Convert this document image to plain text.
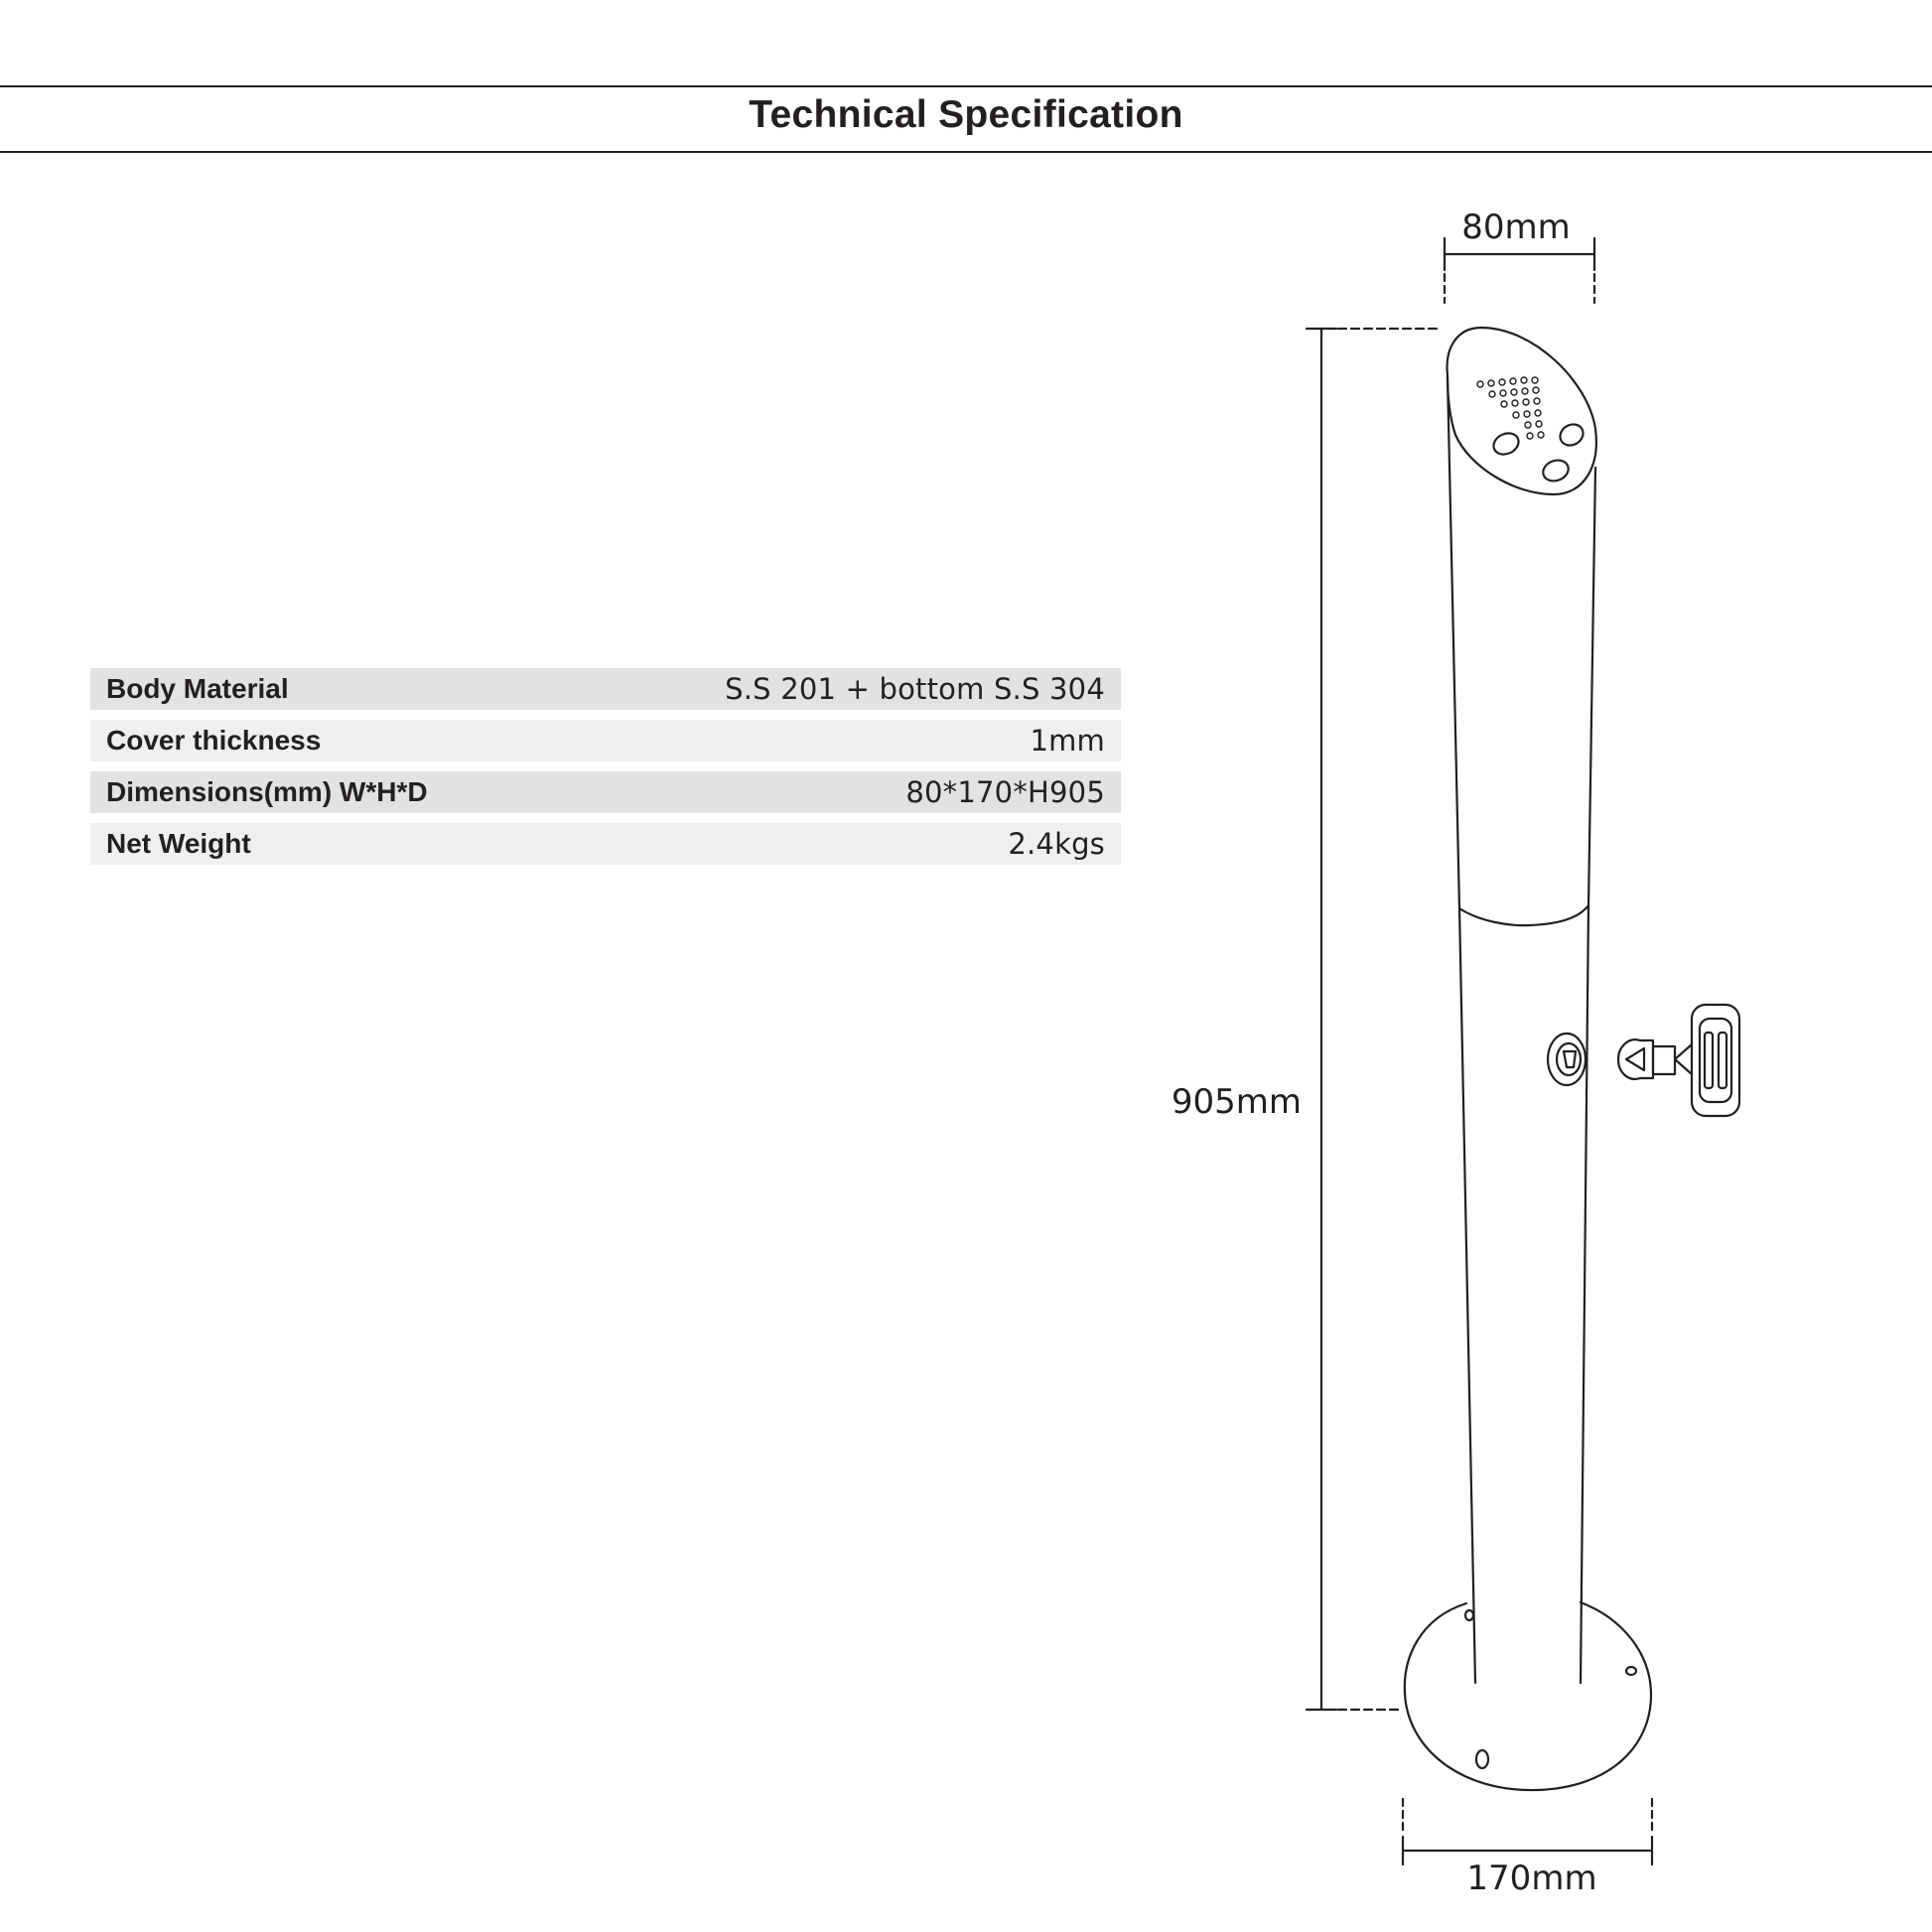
Technical Specification
Body Material	S.S 201 + bottom S.S 304
Cover thickness	1mm
Dimensions(mm) W*H*D	80*170*H905
Net Weight	2.4kgs
80mm
905mm
170mm
